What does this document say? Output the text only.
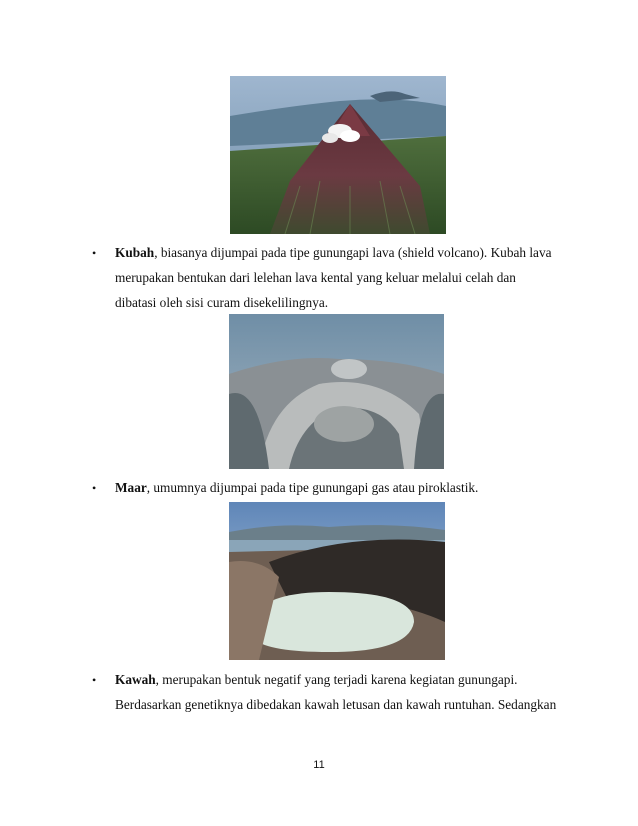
• Kubah, biasanya dijumpai pada tipe gunungapi lava (shield volcano). Kubah lava
merupakan bentukan dari lelehan lava kental yang keluar melalui celah dan
dibatasi oleh sisi curam disekelilingnya.
• Maar, umumnya dijumpai pada tipe gunungapi gas atau piroklastik.
• Kawah, merupakan bentuk negatif yang terjadi karena kegiatan gunungapi.
Berdasarkan genetiknya dibedakan kawah letusan dan kawah runtuhan. Sedangkan
11
